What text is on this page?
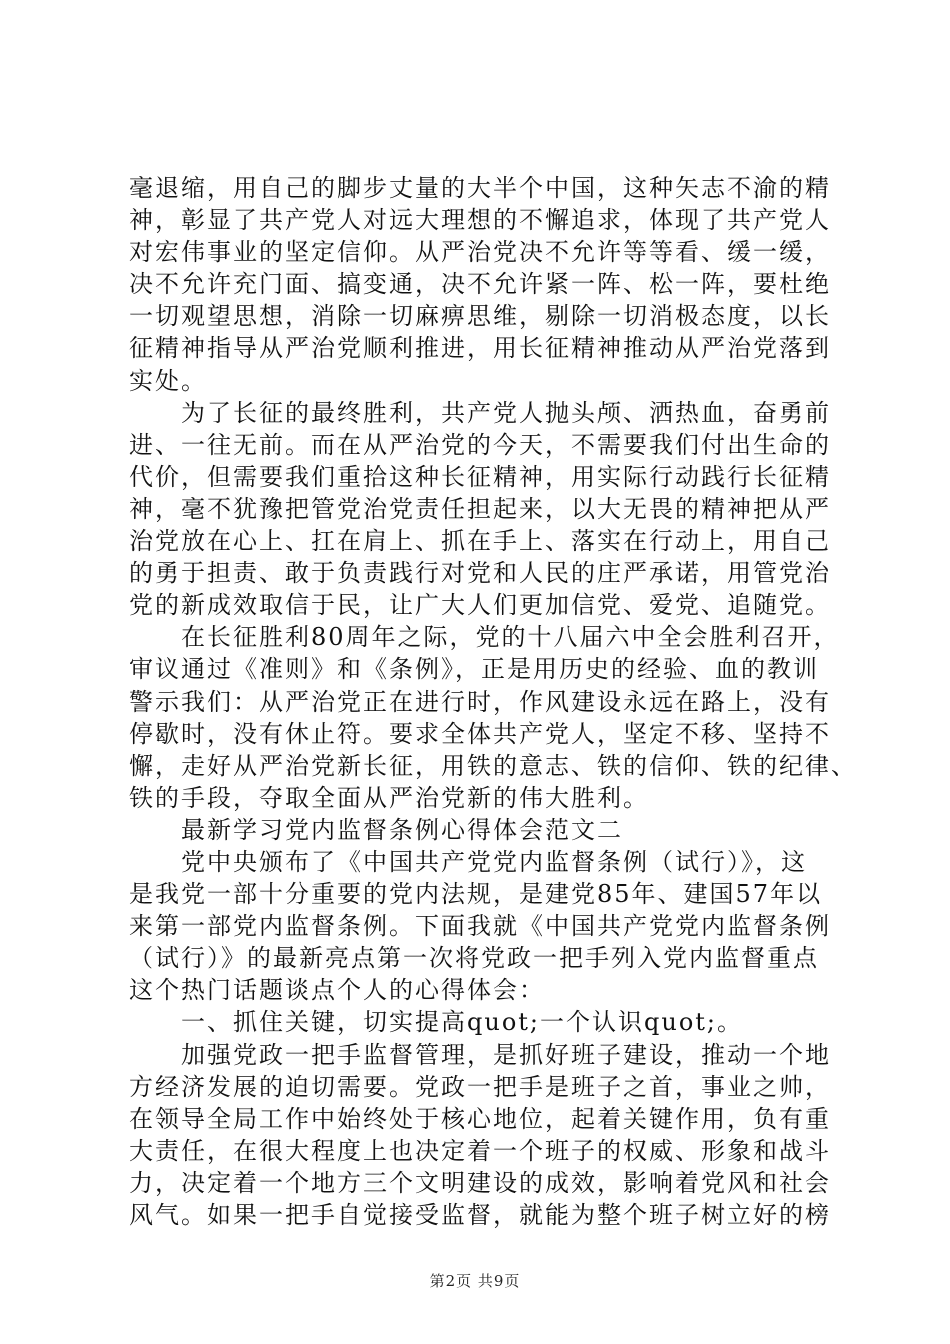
毫退缩，用自己的脚步丈量的大半个中国，这种矢志不渝的精
神，彰显了共产党人对远大理想的不懈追求，体现了共产党人
对宏伟事业的坚定信仰。从严治党决不允许等等看、缓一缓，
决不允许充门面、搞变通，决不允许紧一阵、松一阵，要杜绝
一切观望思想，消除一切麻痹思维，剔除一切消极态度，以长
征精神指导从严治党顺利推进，用长征精神推动从严治党落到
实处。
　　为了长征的最终胜利，共产党人抛头颅、洒热血，奋勇前
进、一往无前。而在从严治党的今天，不需要我们付出生命的
代价，但需要我们重拾这种长征精神，用实际行动践行长征精
神，毫不犹豫把管党治党责任担起来，以大无畏的精神把从严
治党放在心上、扛在肩上、抓在手上、落实在行动上，用自己
的勇于担责、敢于负责践行对党和人民的庄严承诺，用管党治
党的新成效取信于民，让广大人们更加信党、爱党、追随党。
　　在长征胜利80周年之际，党的十八届六中全会胜利召开，
审议通过《准则》和《条例》，正是用历史的经验、血的教训
警示我们：从严治党正在进行时，作风建设永远在路上，没有
停歇时，没有休止符。要求全体共产党人，坚定不移、坚持不
懈，走好从严治党新长征，用铁的意志、铁的信仰、铁的纪律、
铁的手段，夺取全面从严治党新的伟大胜利。
　　最新学习党内监督条例心得体会范文二
　　党中央颁布了《中国共产党党内监督条例（试行）》，这
是我党一部十分重要的党内法规，是建党85年、建国57年以
来第一部党内监督条例。下面我就《中国共产党党内监督条例
（试行）》的最新亮点第一次将党政一把手列入党内监督重点
这个热门话题谈点个人的心得体会：
　　一、抓住关键，切实提高quot;一个认识quot;。
　　加强党政一把手监督管理，是抓好班子建设，推动一个地
方经济发展的迫切需要。党政一把手是班子之首，事业之帅，
在领导全局工作中始终处于核心地位，起着关键作用，负有重
大责任，在很大程度上也决定着一个班子的权威、形象和战斗
力，决定着一个地方三个文明建设的成效，影响着党风和社会
风气。如果一把手自觉接受监督，就能为整个班子树立好的榜
第2页 共9页
